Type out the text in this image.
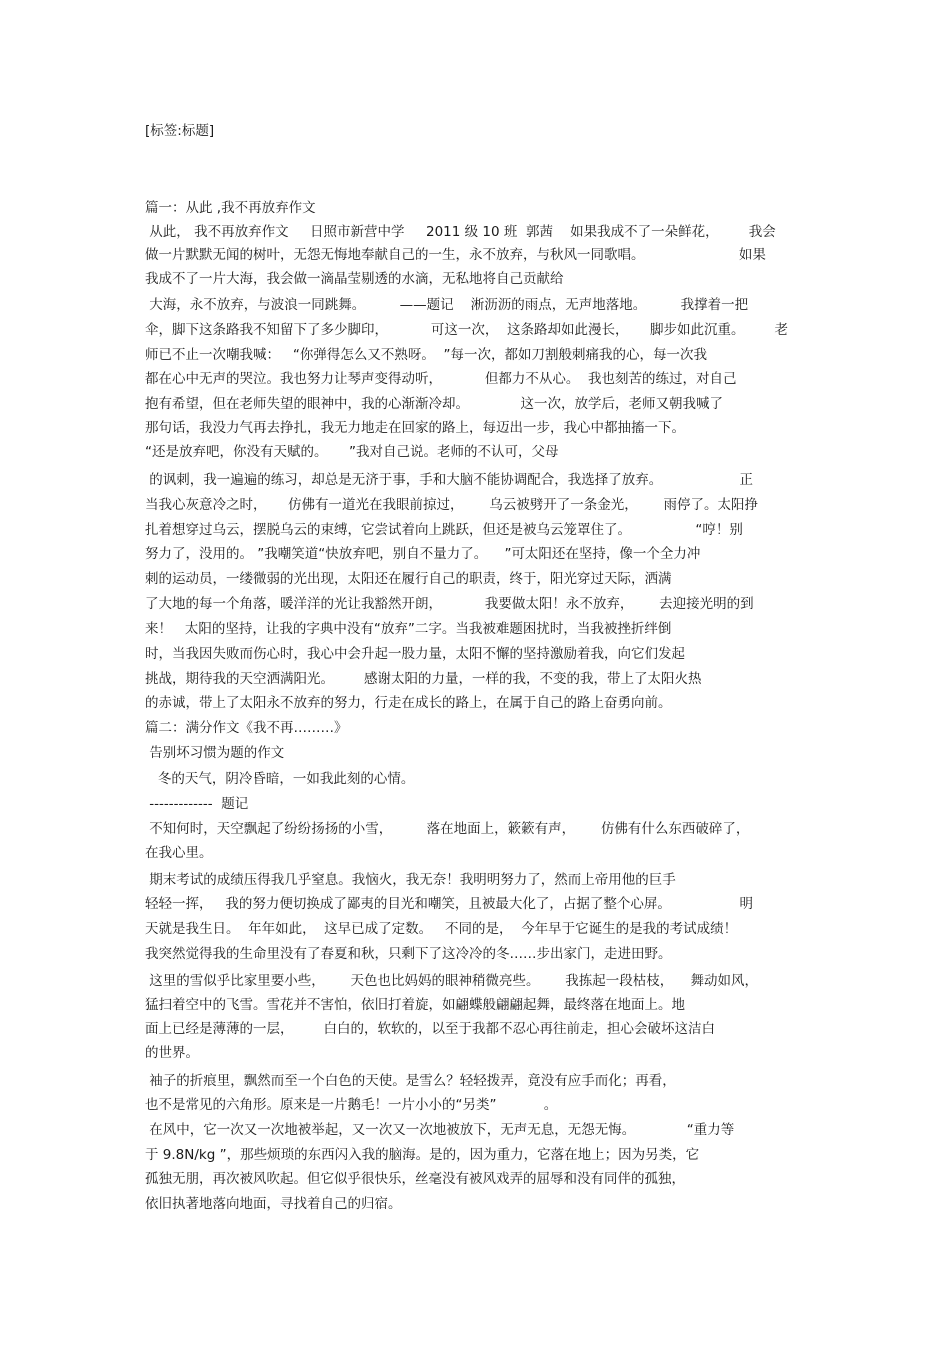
[标签:标题]
篇一：从此 ,我不再放弃作文
从此， 我不再放弃作文     日照市新营中学     2011 级 10 班  郭茜    如果我成不了一朵鲜花，       我会
做一片默默无闻的树叶，无怨无悔地奉献自己的一生，永不放弃，与秋风一同歌唱。                      如果
我成不了一片大海，我会做一滴晶莹剔透的水滴，无私地将自己贡献给
大海，永不放弃，与波浪一同跳舞。        ——题记    淅沥沥的雨点，无声地落地。        我撑着一把
伞，脚下这条路我不知留下了多少脚印，          可这一次，  这条路却如此漫长，     脚步如此沉重。       老
师已不止一次嘲我喊：   “你弹得怎么又不熟呀。  ”每一次，都如刀割般刺痛我的心，每一次我
都在心中无声的哭泣。我也努力让琴声变得动听，          但都力不从心。  我也刻苦的练过，对自己
抱有希望，但在老师失望的眼神中，我的心渐渐冷却。            这一次，放学后，老师又朝我喊了
那句话，我没力气再去挣扎，我无力地走在回家的路上，每迈出一步，我心中都抽搐一下。
“还是放弃吧，你没有天赋的。     ”我对自己说。老师的不认可，父母
的讽刺，我一遍遍的练习，却总是无济于事，手和大脑不能协调配合，我选择了放弃。                  正
当我心灰意冷之时，     仿佛有一道光在我眼前掠过，      乌云被劈开了一条金光，      雨停了。太阳挣
扎着想穿过乌云，摆脱乌云的束缚，它尝试着向上跳跃，但还是被乌云笼罩住了。               “哼！别
努力了，没用的。 ”我嘲笑道“快放弃吧，别自不量力了。    ”可太阳还在坚持，像一个全力冲
刺的运动员，一缕微弱的光出现，太阳还在履行自己的职责，终于，阳光穿过天际，洒满
了大地的每一个角落，暖洋洋的光让我豁然开朗，          我要做太阳！永不放弃，      去迎接光明的到
来！   太阳的坚持，让我的字典中没有“放弃”二字。当我被难题困扰时，当我被挫折绊倒
时，当我因失败而伤心时，我心中会升起一股力量，太阳不懈的坚持激励着我，向它们发起
挑战，期待我的天空洒满阳光。       感谢太阳的力量，一样的我，不变的我，带上了太阳火热
的赤诚，带上了太阳永不放弃的努力，行走在成长的路上，在属于自己的路上奋勇向前。
篇二：满分作文《我不再………》
告别坏习惯为题的作文
冬的天气，阴冷昏暗，一如我此刻的心情。
-------------  题记
不知何时，天空飘起了纷纷扬扬的小雪，        落在地面上，簌簌有声，      仿佛有什么东西破碎了，
在我心里。
期末考试的成绩压得我几乎窒息。我恼火，我无奈！我明明努力了，然而上帝用他的巨手
轻轻一挥，   我的努力便切换成了鄙夷的目光和嘲笑，且被最大化了，占据了整个心屏。                明
天就是我生日。  年年如此，  这早已成了定数。   不同的是，  今年早于它诞生的是我的考试成绩！
我突然觉得我的生命里没有了春夏和秋，只剩下了这冷冷的冬……步出家门，走进田野。
这里的雪似乎比家里要小些，      天色也比妈妈的眼神稍微亮些。      我拣起一段枯枝，    舞动如风，
猛扫着空中的飞雪。雪花并不害怕，依旧打着旋，如翩蝶般翩翩起舞，最终落在地面上。地
面上已经是薄薄的一层，       白白的，软软的，以至于我都不忍心再往前走，担心会破坏这洁白
的世界。
袖子的折痕里，飘然而至一个白色的天使。是雪么？轻轻拨弄，竟没有应手而化；再看，
也不是常见的六角形。原来是一片鹅毛！一片小小的“另类”           。
在风中，它一次又一次地被举起，又一次又一次地被放下，无声无息，无怨无悔。            “重力等
于 9.8N/kg ”，那些烦琐的东西闪入我的脑海。是的，因为重力，它落在地上；因为另类，它
孤独无朋，再次被风吹起。但它似乎很快乐，丝毫没有被风戏弄的屈辱和没有同伴的孤独，
依旧执著地落向地面，寻找着自己的归宿。
